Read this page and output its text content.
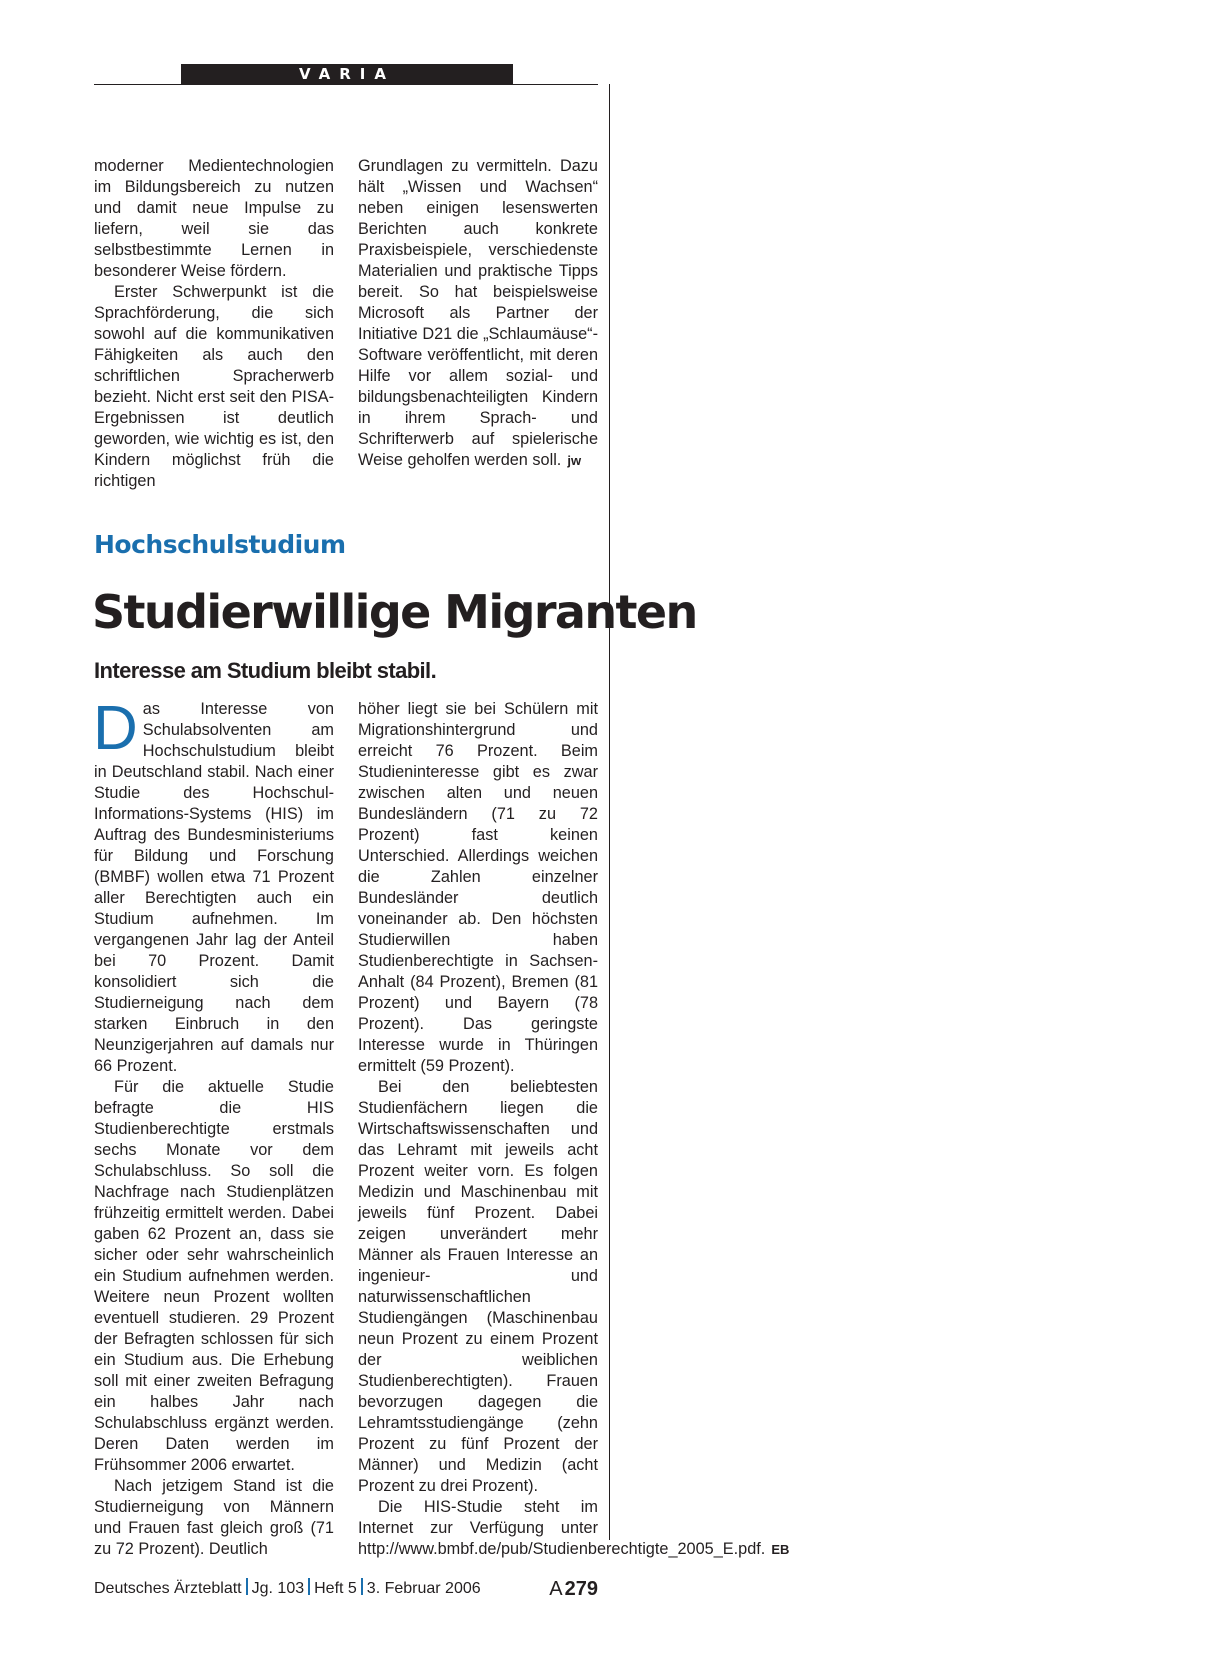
VARIA

moderner Medientechnologien im Bildungsbereich zu nutzen und damit neue Impulse zu liefern, weil sie das selbstbestimmte Lernen in besonderer Weise fördern.

Erster Schwerpunkt ist die Sprachförderung, die sich sowohl auf die kommunikativen Fähigkeiten als auch den schriftlichen Spracherwerb bezieht. Nicht erst seit den PISA-Ergebnissen ist deutlich geworden, wie wichtig es ist, den Kindern möglichst früh die richtigen

Grundlagen zu vermitteln. Dazu hält „Wissen und Wachsen“ neben einigen lesenswerten Berichten auch konkrete Praxisbeispiele, verschiedenste Materialien und praktische Tipps bereit. So hat beispielsweise Microsoft als Partner der Initiative D21 die „Schlaumäuse“-Software veröffentlicht, mit deren Hilfe vor allem sozial- und bildungsbenachteiligten Kindern in ihrem Sprach- und Schrifterwerb auf spielerische Weise geholfen werden soll. jw

Hochschulstudium
Studierwillige Migranten
Interesse am Studium bleibt stabil.

Das Interesse von Schulabsolventen am Hochschulstudium bleibt in Deutschland stabil. Nach einer Studie des Hochschul-Informations-Systems (HIS) im Auftrag des Bundesministeriums für Bildung und Forschung (BMBF) wollen etwa 71 Prozent aller Berechtigten auch ein Studium aufnehmen. Im vergangenen Jahr lag der Anteil bei 70 Prozent. Damit konsolidiert sich die Studierneigung nach dem starken Einbruch in den Neunzigerjahren auf damals nur 66 Prozent.

Für die aktuelle Studie befragte die HIS Studienberechtigte erstmals sechs Monate vor dem Schulabschluss. So soll die Nachfrage nach Studienplätzen frühzeitig ermittelt werden. Dabei gaben 62 Prozent an, dass sie sicher oder sehr wahrscheinlich ein Studium aufnehmen werden. Weitere neun Prozent wollten eventuell studieren. 29 Prozent der Befragten schlossen für sich ein Studium aus. Die Erhebung soll mit einer zweiten Befragung ein halbes Jahr nach Schulabschluss ergänzt werden. Deren Daten werden im Frühsommer 2006 erwartet.

Nach jetzigem Stand ist die Studierneigung von Männern und Frauen fast gleich groß (71 zu 72 Prozent). Deutlich

höher liegt sie bei Schülern mit Migrationshintergrund und erreicht 76 Prozent. Beim Studieninteresse gibt es zwar zwischen alten und neuen Bundesländern (71 zu 72 Prozent) fast keinen Unterschied. Allerdings weichen die Zahlen einzelner Bundesländer deutlich voneinander ab. Den höchsten Studierwillen haben Studienberechtigte in Sachsen-Anhalt (84 Prozent), Bremen (81 Prozent) und Bayern (78 Prozent). Das geringste Interesse wurde in Thüringen ermittelt (59 Prozent).

Bei den beliebtesten Studienfächern liegen die Wirtschaftswissenschaften und das Lehramt mit jeweils acht Prozent weiter vorn. Es folgen Medizin und Maschinenbau mit jeweils fünf Prozent. Dabei zeigen unverändert mehr Männer als Frauen Interesse an ingenieur- und naturwissenschaftlichen Studiengängen (Maschinenbau neun Prozent zu einem Prozent der weiblichen Studienberechtigten). Frauen bevorzugen dagegen die Lehramtsstudiengänge (zehn Prozent zu fünf Prozent der Männer) und Medizin (acht Prozent zu drei Prozent).

Die HIS-Studie steht im Internet zur Verfügung unter http://www.bmbf.de/pub/Studienberechtigte_2005_E.pdf. EB

Deutsches Ärzteblatt Jg. 103 Heft 5 3. Februar 2006	A 279
